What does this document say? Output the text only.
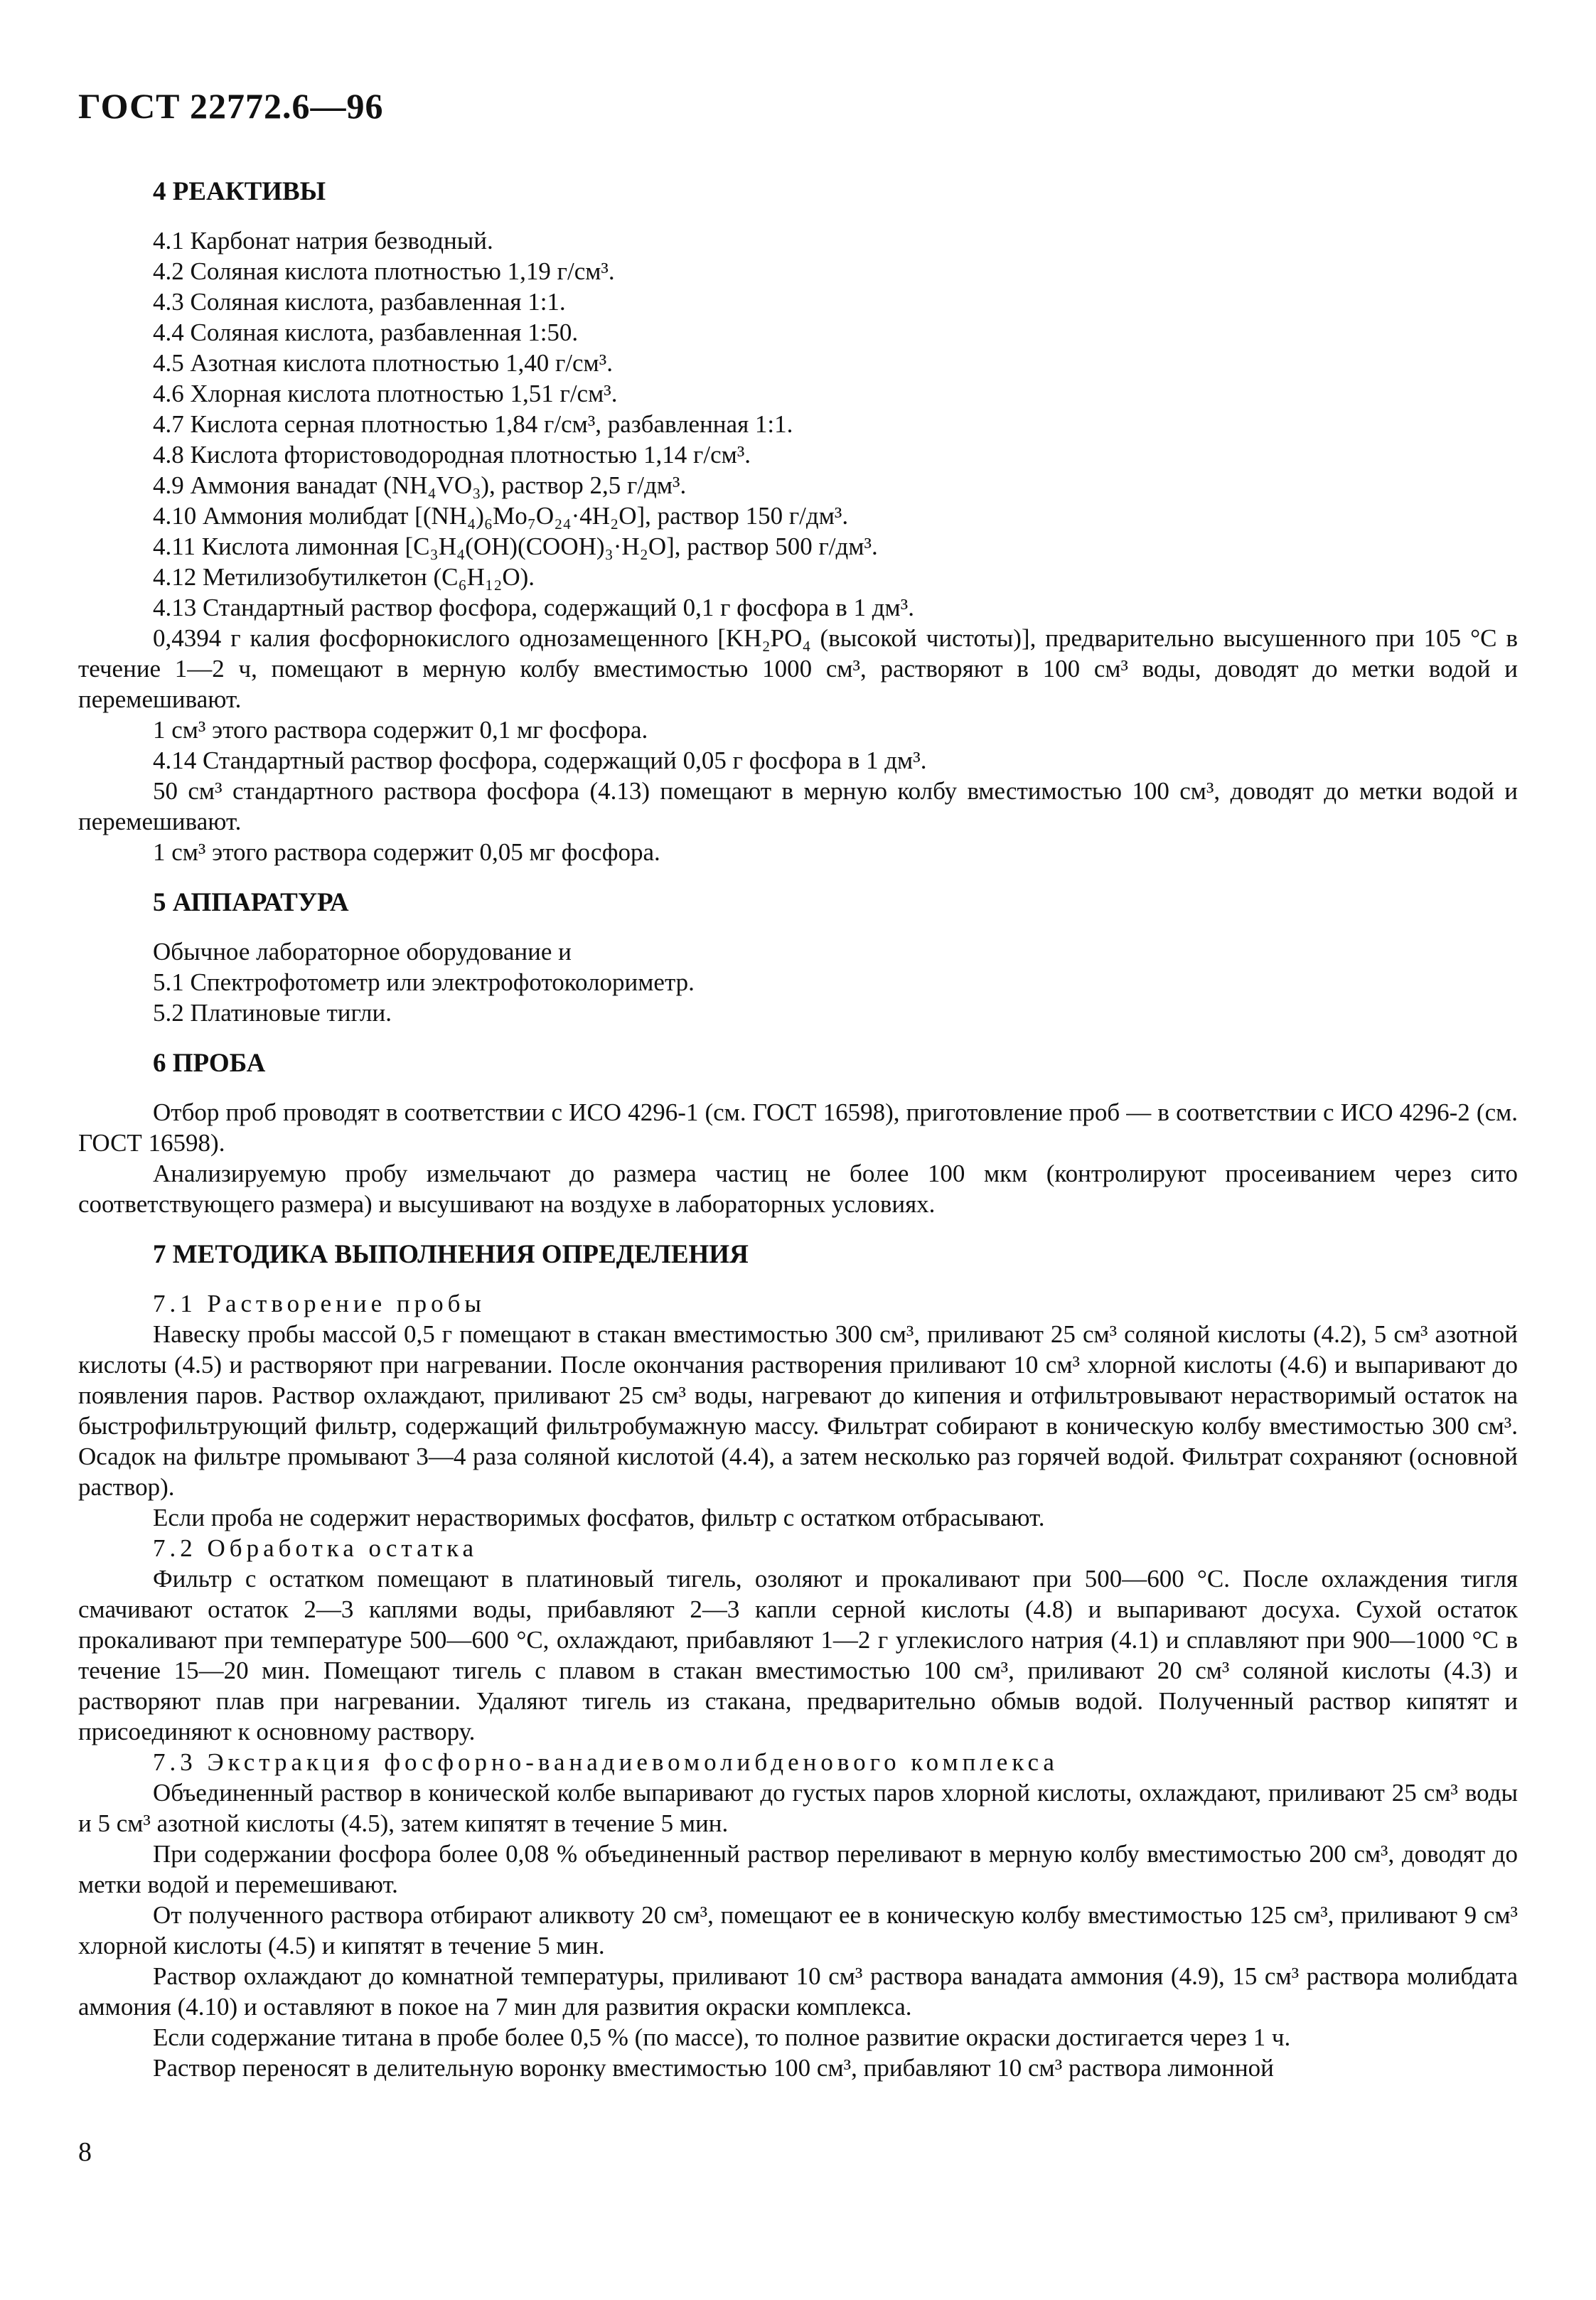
ГОСТ 22772.6—96

4 РЕАКТИВЫ

4.1 Карбонат натрия безводный.

4.2 Соляная кислота плотностью 1,19 г/см³.

4.3 Соляная кислота, разбавленная 1:1.

4.4 Соляная кислота, разбавленная 1:50.

4.5 Азотная кислота плотностью 1,40 г/см³.

4.6 Хлорная кислота плотностью 1,51 г/см³.

4.7 Кислота серная плотностью 1,84 г/см³, разбавленная 1:1.

4.8 Кислота фтористоводородная плотностью 1,14 г/см³.

4.9 Аммония ванадат (NH₄VO₃), раствор 2,5 г/дм³.

4.10 Аммония молибдат [(NH₄)₆Mo₇O₂₄·4H₂O], раствор 150 г/дм³.

4.11 Кислота лимонная [C₃H₄(OH)(COOH)₃·H₂O], раствор 500 г/дм³.

4.12 Метилизобутилкетон (C₆H₁₂O).

4.13 Стандартный раствор фосфора, содержащий 0,1 г фосфора в 1 дм³.

0,4394 г калия фосфорнокислого однозамещенного [KH₂PO₄ (высокой чистоты)], предварительно высушенного при 105 °С в течение 1—2 ч, помещают в мерную колбу вместимостью 1000 см³, растворяют в 100 см³ воды, доводят до метки водой и перемешивают.

1 см³ этого раствора содержит 0,1 мг фосфора.

4.14 Стандартный раствор фосфора, содержащий 0,05 г фосфора в 1 дм³.

50 см³ стандартного раствора фосфора (4.13) помещают в мерную колбу вместимостью 100 см³, доводят до метки водой и перемешивают.

1 см³ этого раствора содержит 0,05 мг фосфора.

5 АППАРАТУРА

Обычное лабораторное оборудование и

5.1 Спектрофотометр или электрофотоколориметр.

5.2 Платиновые тигли.

6 ПРОБА

Отбор проб проводят в соответствии с ИСО 4296-1 (см. ГОСТ 16598), приготовление проб — в соответствии с ИСО 4296-2 (см. ГОСТ 16598).

Анализируемую пробу измельчают до размера частиц не более 100 мкм (контролируют просеиванием через сито соответствующего размера) и высушивают на воздухе в лабораторных условиях.

7 МЕТОДИКА ВЫПОЛНЕНИЯ ОПРЕДЕЛЕНИЯ

7.1 Растворение пробы

Навеску пробы массой 0,5 г помещают в стакан вместимостью 300 см³, приливают 25 см³ соляной кислоты (4.2), 5 см³ азотной кислоты (4.5) и растворяют при нагревании. После окончания растворения приливают 10 см³ хлорной кислоты (4.6) и выпаривают до появления паров. Раствор охлаждают, приливают 25 см³ воды, нагревают до кипения и отфильтровывают нерастворимый остаток на быстрофильтрующий фильтр, содержащий фильтробумажную массу. Фильтрат собирают в коническую колбу вместимостью 300 см³. Осадок на фильтре промывают 3—4 раза соляной кислотой (4.4), а затем несколько раз горячей водой. Фильтрат сохраняют (основной раствор).

Если проба не содержит нерастворимых фосфатов, фильтр с остатком отбрасывают.

7.2 Обработка остатка

Фильтр с остатком помещают в платиновый тигель, озоляют и прокаливают при 500—600 °С. После охлаждения тигля смачивают остаток 2—3 каплями воды, прибавляют 2—3 капли серной кислоты (4.8) и выпаривают досуха. Сухой остаток прокаливают при температуре 500—600 °С, охлаждают, прибавляют 1—2 г углекислого натрия (4.1) и сплавляют при 900—1000 °С в течение 15—20 мин. Помещают тигель с плавом в стакан вместимостью 100 см³, приливают 20 см³ соляной кислоты (4.3) и растворяют плав при нагревании. Удаляют тигель из стакана, предварительно обмыв водой. Полученный раствор кипятят и присоединяют к основному раствору.

7.3 Экстракция фосфорно-ванадиевомолибденового комплекса

Объединенный раствор в конической колбе выпаривают до густых паров хлорной кислоты, охлаждают, приливают 25 см³ воды и 5 см³ азотной кислоты (4.5), затем кипятят в течение 5 мин.

При содержании фосфора более 0,08 % объединенный раствор переливают в мерную колбу вместимостью 200 см³, доводят до метки водой и перемешивают.

От полученного раствора отбирают аликвоту 20 см³, помещают ее в коническую колбу вместимостью 125 см³, приливают 9 см³ хлорной кислоты (4.5) и кипятят в течение 5 мин.

Раствор охлаждают до комнатной температуры, приливают 10 см³ раствора ванадата аммония (4.9), 15 см³ раствора молибдата аммония (4.10) и оставляют в покое на 7 мин для развития окраски комплекса.

Если содержание титана в пробе более 0,5 % (по массе), то полное развитие окраски достигается через 1 ч.

Раствор переносят в делительную воронку вместимостью 100 см³, прибавляют 10 см³ раствора лимонной

8
